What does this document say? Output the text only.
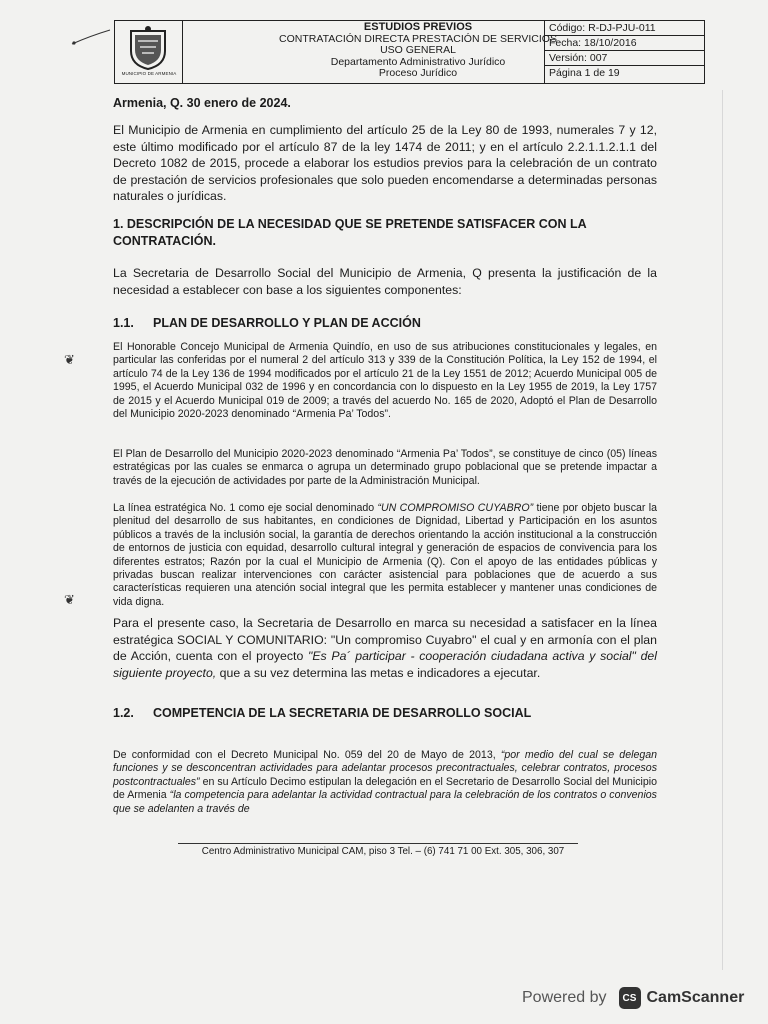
MUNICIPIO DE ARMENIA
ESTUDIOS PREVIOS
CONTRATACIÓN DIRECTA PRESTACIÓN DE SERVICIOS
USO GENERAL
Departamento Administrativo Jurídico
Proceso Jurídico
Código: R-DJ-PJU-011
Fecha: 18/10/2016
Versión: 007
Página 1 de 19
Armenia, Q. 30 enero de 2024.
El Municipio de Armenia en cumplimiento del artículo 25 de la Ley 80 de 1993, numerales 7 y 12, este último modificado por el artículo 87 de la ley 1474 de 2011; y en el artículo 2.2.1.1.2.1.1 del Decreto 1082 de 2015, procede a elaborar los estudios previos para la celebración de un contrato de prestación de servicios profesionales que solo pueden encomendarse a determinadas personas naturales o jurídicas.
1. DESCRIPCIÓN DE LA NECESIDAD QUE SE PRETENDE SATISFACER CON LA CONTRATACIÓN.
La Secretaria de Desarrollo Social del Municipio de Armenia, Q presenta la justificación de la necesidad a establecer con base a los siguientes componentes:
1.1. PLAN DE DESARROLLO Y PLAN DE ACCIÓN
❦
El Honorable Concejo Municipal de Armenia Quindío, en uso de sus atribuciones constitucionales y legales, en particular las conferidas por el numeral 2 del artículo 313 y 339 de la Constitución Política, la Ley 152 de 1994, el artículo 74 de la Ley 136 de 1994 modificados por el artículo 21 de la Ley 1551 de 2012; Acuerdo Municipal 005 de 1995, el Acuerdo Municipal 032 de 1996 y en concordancia con lo dispuesto en la Ley 1955 de 2019, la Ley 1757 de 2015 y el Acuerdo Municipal 019 de 2009; a través del acuerdo No. 165 de 2020, Adoptó el Plan de Desarrollo del Municipio 2020-2023 denominado “Armenia Pa’ Todos”.
El Plan de Desarrollo del Municipio 2020-2023 denominado “Armenia Pa’ Todos”, se constituye de cinco (05) líneas estratégicas por las cuales se enmarca o agrupa un determinado grupo poblacional que se pretende impactar a través de la ejecución de actividades por parte de la Administración Municipal.
La línea estratégica No. 1 como eje social denominado “UN COMPROMISO CUYABRO” tiene por objeto buscar la plenitud del desarrollo de sus habitantes, en condiciones de Dignidad, Libertad y Participación en los asuntos públicos a través de la inclusión social, la garantía de derechos orientando la acción institucional a la construcción de entornos de justicia con equidad, desarrollo cultural integral y generación de espacios de convivencia para los diferentes estratos; Razón por la cual el Municipio de Armenia (Q). Con el apoyo de las entidades públicas y privadas buscan realizar intervenciones con carácter asistencial para poblaciones que de acuerdo a sus características requieren una atención social integral que les permita establecer y mantener unas condiciones de vida digna.
❦
Para el presente caso, la Secretaria de Desarrollo en marca su necesidad a satisfacer en la línea estratégica SOCIAL Y COMUNITARIO: "Un compromiso Cuyabro" el cual y en armonía con el plan de Acción, cuenta con el proyecto "Es Pa´ participar - cooperación ciudadana activa y social" del siguiente proyecto, que a su vez determina las metas e indicadores a ejecutar.
1.2. COMPETENCIA DE LA SECRETARIA DE DESARROLLO SOCIAL
De conformidad con el Decreto Municipal No. 059 del 20 de Mayo de 2013, “por medio del cual se delegan funciones y se desconcentran actividades para adelantar procesos precontractuales, celebrar contratos, procesos postcontractuales” en su Artículo Decimo estipulan la delegación en el Secretario de Desarrollo Social del Municipio de Armenia “la competencia para adelantar la actividad contractual para la celebración de los contratos o convenios que se adelanten a través de
Centro Administrativo Municipal CAM, piso 3 Tel. – (6) 741 71 00 Ext. 305, 306, 307
Powered by	CS CamScanner
